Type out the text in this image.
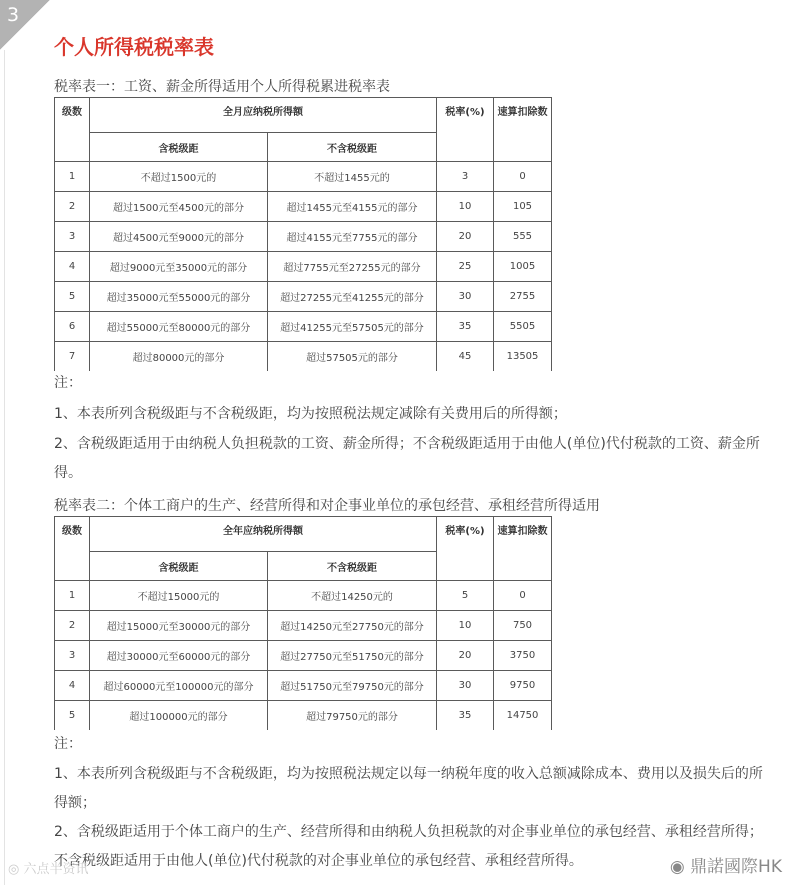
3
个人所得税税率表
税率表一：工资、薪金所得适用个人所得税累进税率表
级数	全月应纳税所得额		税率(%)	速算扣除数
	含税级距	不含税级距		
1	不超过1500元的	不超过1455元的	3	0
2	超过1500元至4500元的部分	超过1455元至4155元的部分	10	105
3	超过4500元至9000元的部分	超过4155元至7755元的部分	20	555
4	超过9000元至35000元的部分	超过7755元至27255元的部分	25	1005
5	超过35000元至55000元的部分	超过27255元至41255元的部分	30	2755
6	超过55000元至80000元的部分	超过41255元至57505元的部分	35	5505
7	超过80000元的部分	超过57505元的部分	45	13505
注：
1、本表所列含税级距与不含税级距，均为按照税法规定减除有关费用后的所得额；
2、含税级距适用于由纳税人负担税款的工资、薪金所得；不含税级距适用于由他人(单位)代付税款的工资、薪金所得。
税率表二：个体工商户的生产、经营所得和对企事业单位的承包经营、承租经营所得适用
级数	全年应纳税所得额		税率(%)	速算扣除数
	含税级距	不含税级距		
1	不超过15000元的	不超过14250元的	5	0
2	超过15000元至30000元的部分	超过14250元至27750元的部分	10	750
3	超过30000元至60000元的部分	超过27750元至51750元的部分	20	3750
4	超过60000元至100000元的部分	超过51750元至79750元的部分	30	9750
5	超过100000元的部分	超过79750元的部分	35	14750
注：
1、本表所列含税级距与不含税级距，均为按照税法规定以每一纳税年度的收入总额减除成本、费用以及损失后的所得额；
2、含税级距适用于个体工商户的生产、经营所得和由纳税人负担税款的对企事业单位的承包经营、承租经营所得；不含税级距适用于由他人(单位)代付税款的对企事业单位的承包经营、承租经营所得。
◎ 六点半资讯	◉ 鼎諾國際HK
